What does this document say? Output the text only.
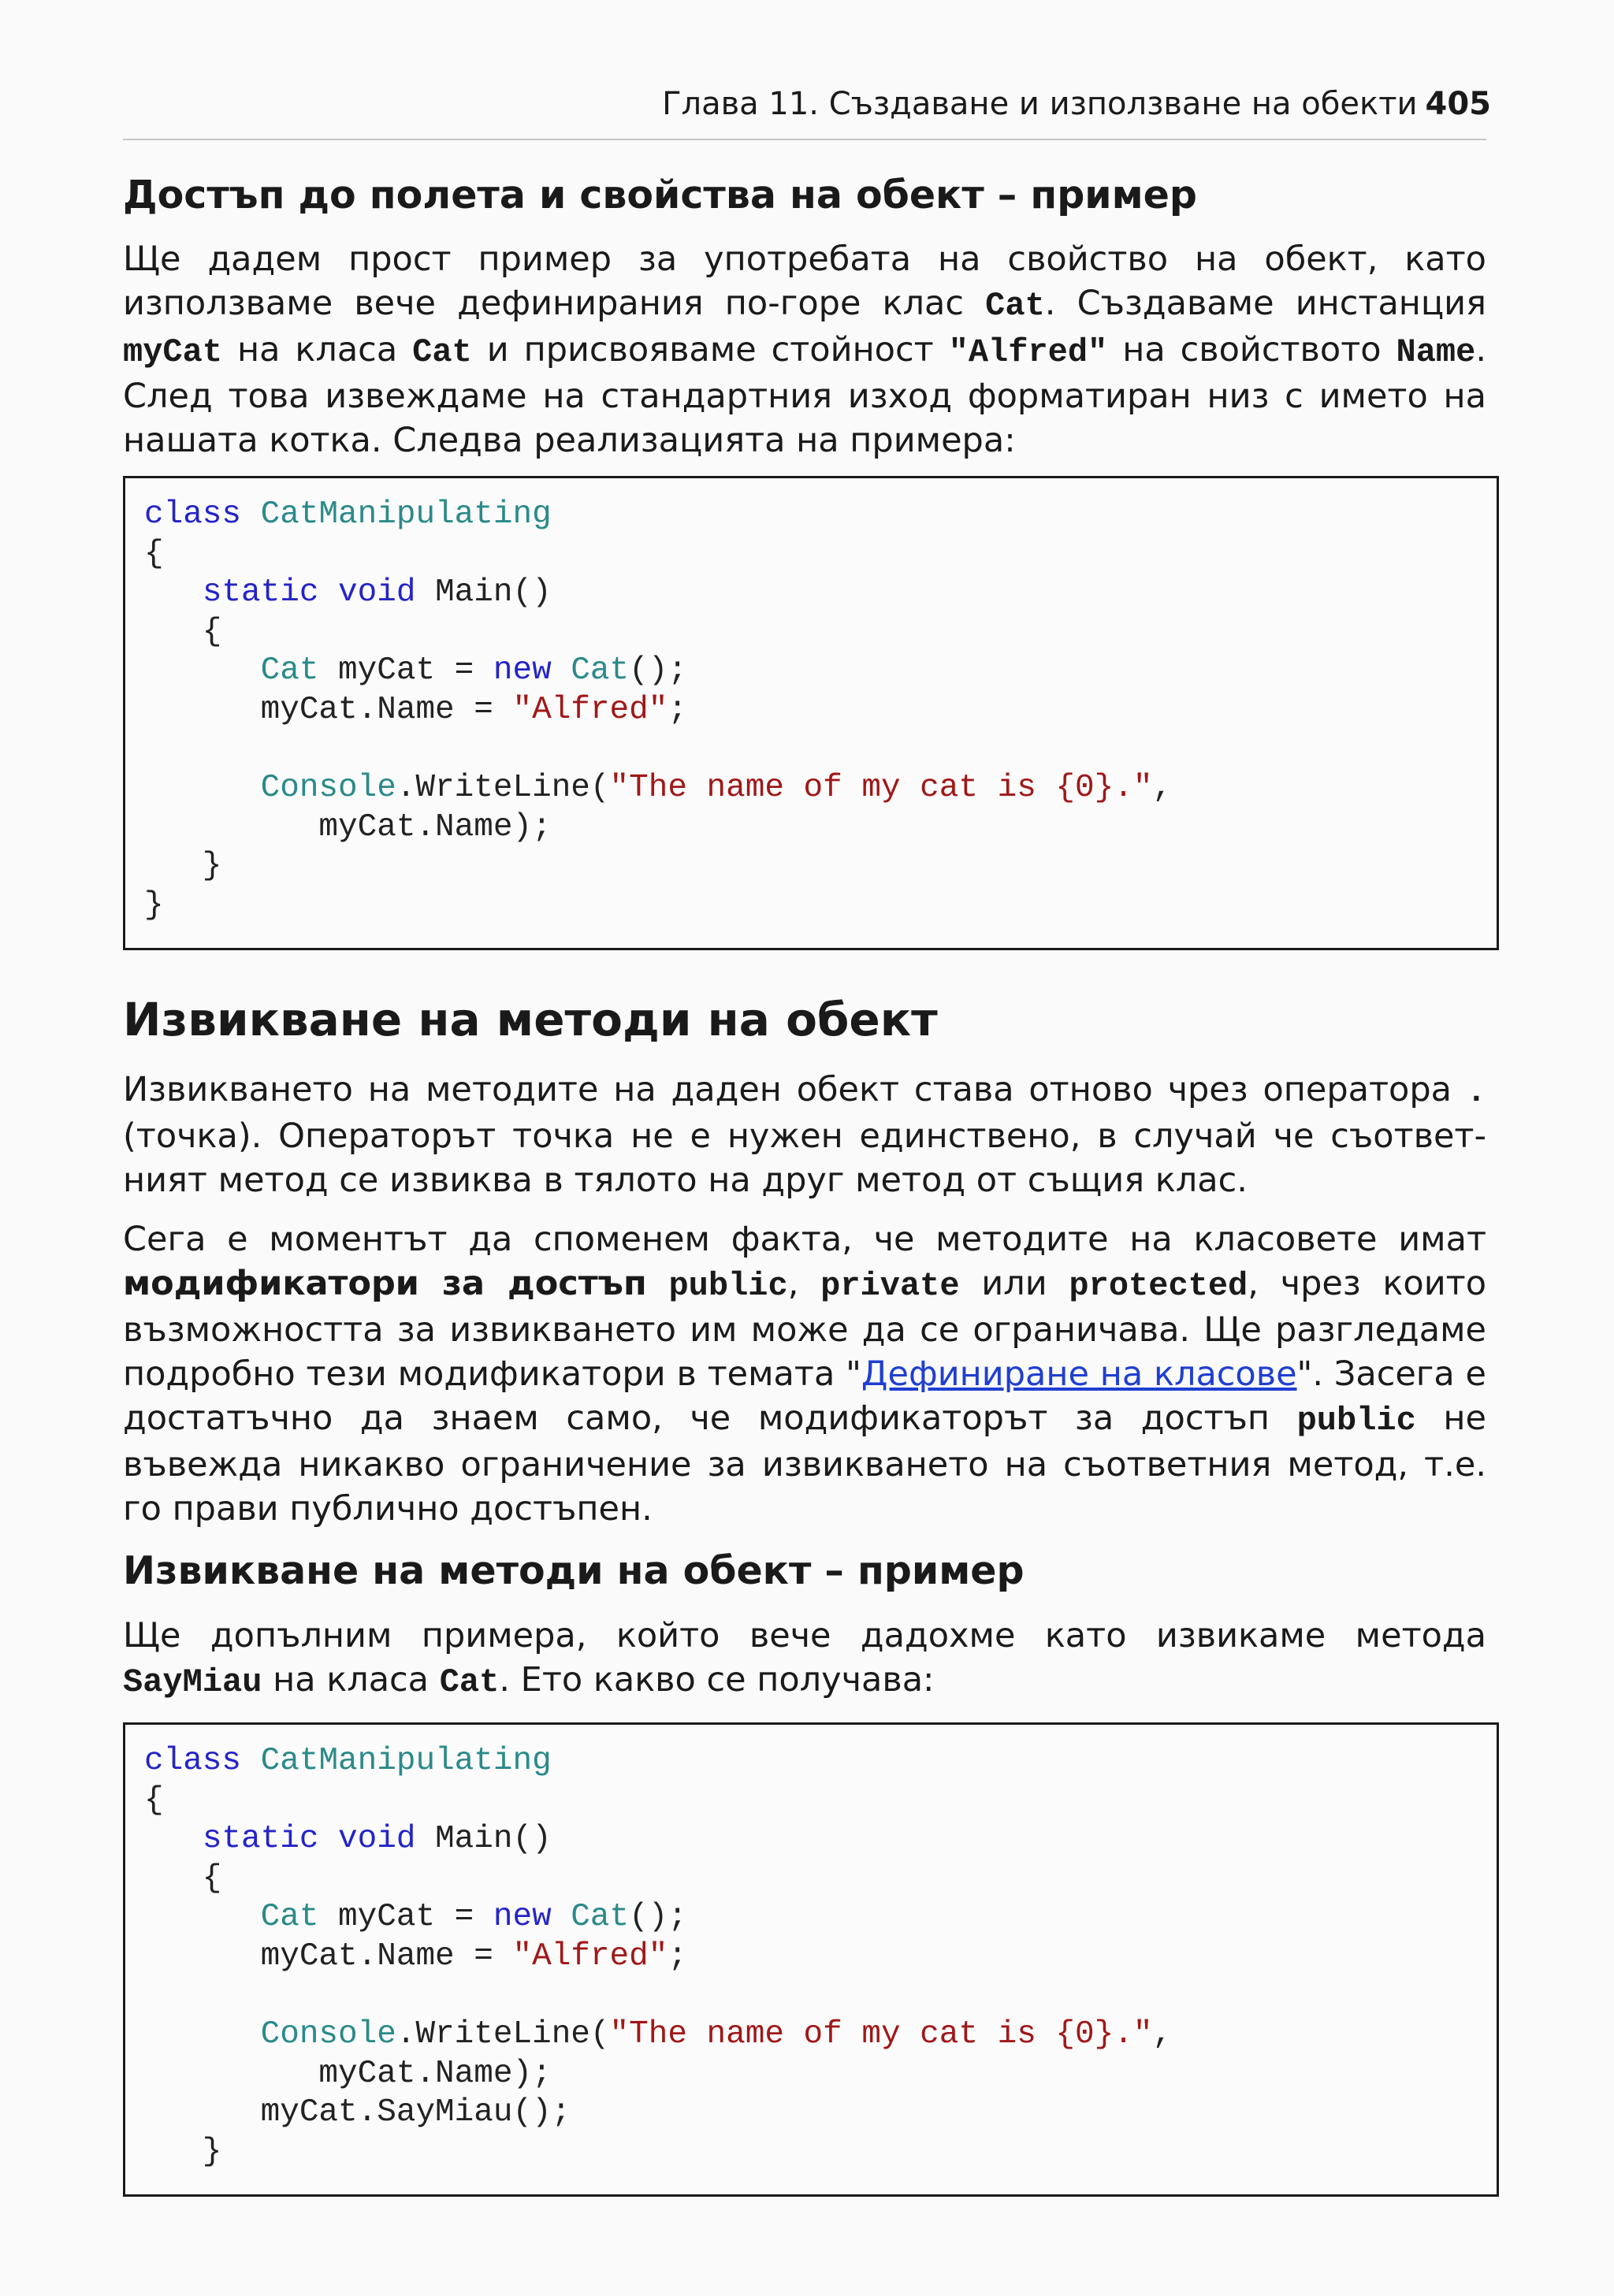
Глава 11. Създаване и използване на обекти 405
Достъп до полета и свойства на обект – пример

Ще дадем прост пример за употребата на свойство на обект, като използваме вече дефинирания по-горе клас Cat. Създаваме инстанция myCat на класа Cat и присвояваме стойност "Alfred" на свойството Name. След това извеждаме на стандартния изход форматиран низ с името на нашата котка. Следва реализацията на примера:

class CatManipulating
{
static void Main()
{
Cat myCat = new Cat();
myCat.Name = "Alfred";
Console.WriteLine("The name of my cat is {0}.",
myCat.Name);
}
}
Извикване на методи на обект

Извикването на методите на даден обект става отново чрез оператора . (точка). Операторът точка не е нужен единствено, в случай че съответ-ният метод се извиква в тялото на друг метод от същия клас.

Сега е моментът да споменем факта, че методите на класовете имат модификатори за достъп public, private или protected, чрез които възможността за извикването им може да се ограничава. Ще разгледаме подробно тези модификатори в темата "Дефиниране на класове". Засега е достатъчно да знаем само, че модификаторът за достъп public не въвежда никакво ограничение за извикването на съответния метод, т.е. го прави публично достъпен.

Извикване на методи на обект – пример

Ще допълним примера, който вече дадохме като извикаме метода SayMiau на класа Cat. Ето какво се получава:

class CatManipulating
{
static void Main()
{
Cat myCat = new Cat();
myCat.Name = "Alfred";
Console.WriteLine("The name of my cat is {0}.",
myCat.Name);
myCat.SayMiau();
}
